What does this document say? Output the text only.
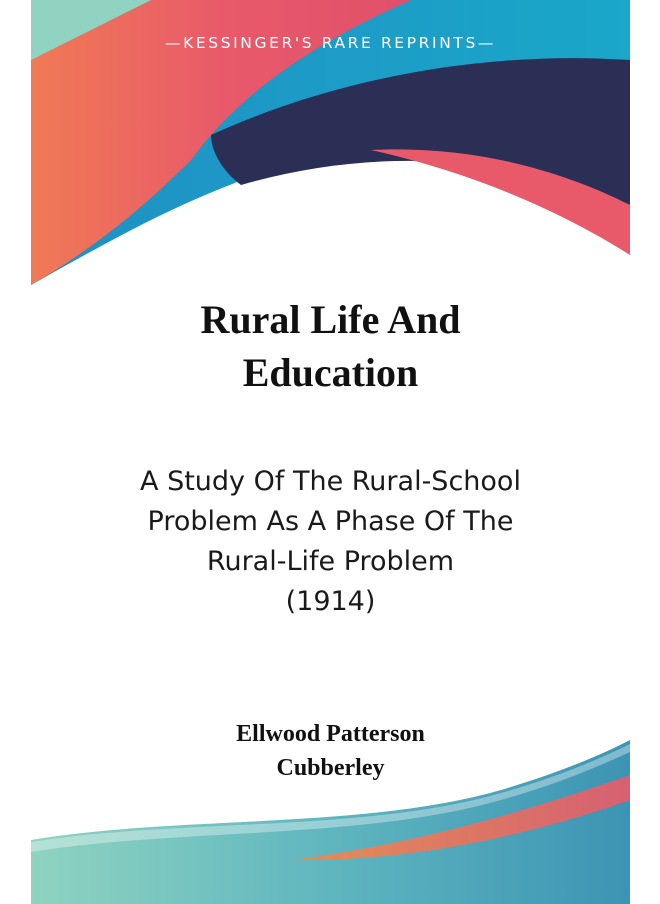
—KESSINGER'S RARE REPRINTS—
Rural Life And
Education
A Study Of The Rural-School
Problem As A Phase Of The
Rural-Life Problem
(1914)
Ellwood Patterson
Cubberley
